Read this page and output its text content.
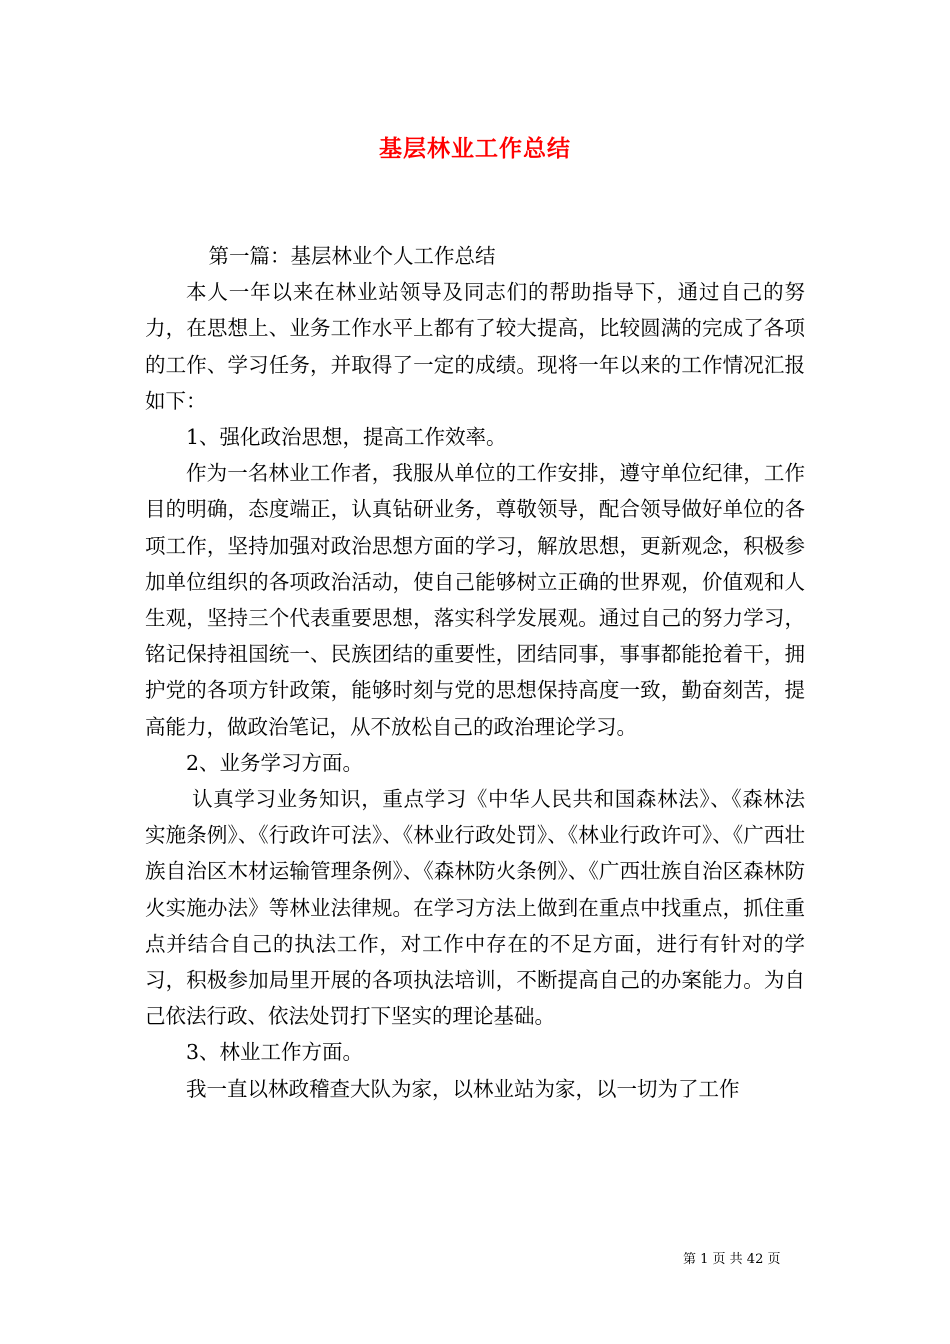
基层林业工作总结

第一篇：基层林业个人工作总结

本人一年以来在林业站领导及同志们的帮助指导下，通过自己的努力，在思想上、业务工作水平上都有了较大提高，比较圆满的完成了各项的工作、学习任务，并取得了一定的成绩。现将一年以来的工作情况汇报如下：

1、强化政治思想，提高工作效率。

作为一名林业工作者，我服从单位的工作安排，遵守单位纪律，工作目的明确，态度端正，认真钻研业务，尊敬领导，配合领导做好单位的各项工作，坚持加强对政治思想方面的学习，解放思想，更新观念，积极参加单位组织的各项政治活动，使自己能够树立正确的世界观，价值观和人生观，坚持三个代表重要思想，落实科学发展观。通过自己的努力学习，铭记保持祖国统一、民族团结的重要性，团结同事，事事都能抢着干，拥护党的各项方针政策，能够时刻与党的思想保持高度一致，勤奋刻苦，提高能力，做政治笔记，从不放松自己的政治理论学习。

2、业务学习方面。

认真学习业务知识，重点学习《中华人民共和国森林法》、《森林法实施条例》、《行政许可法》、《林业行政处罚》、《林业行政许可》、《广西壮族自治区木材运输管理条例》、《森林防火条例》、《广西壮族自治区森林防火实施办法》等林业法律规。在学习方法上做到在重点中找重点，抓住重点并结合自己的执法工作，对工作中存在的不足方面，进行有针对的学习，积极参加局里开展的各项执法培训，不断提高自己的办案能力。为自己依法行政、依法处罚打下坚实的理论基础。

3、林业工作方面。

我一直以林政稽查大队为家，以林业站为家，以一切为了工作

第 1 页 共 42 页
